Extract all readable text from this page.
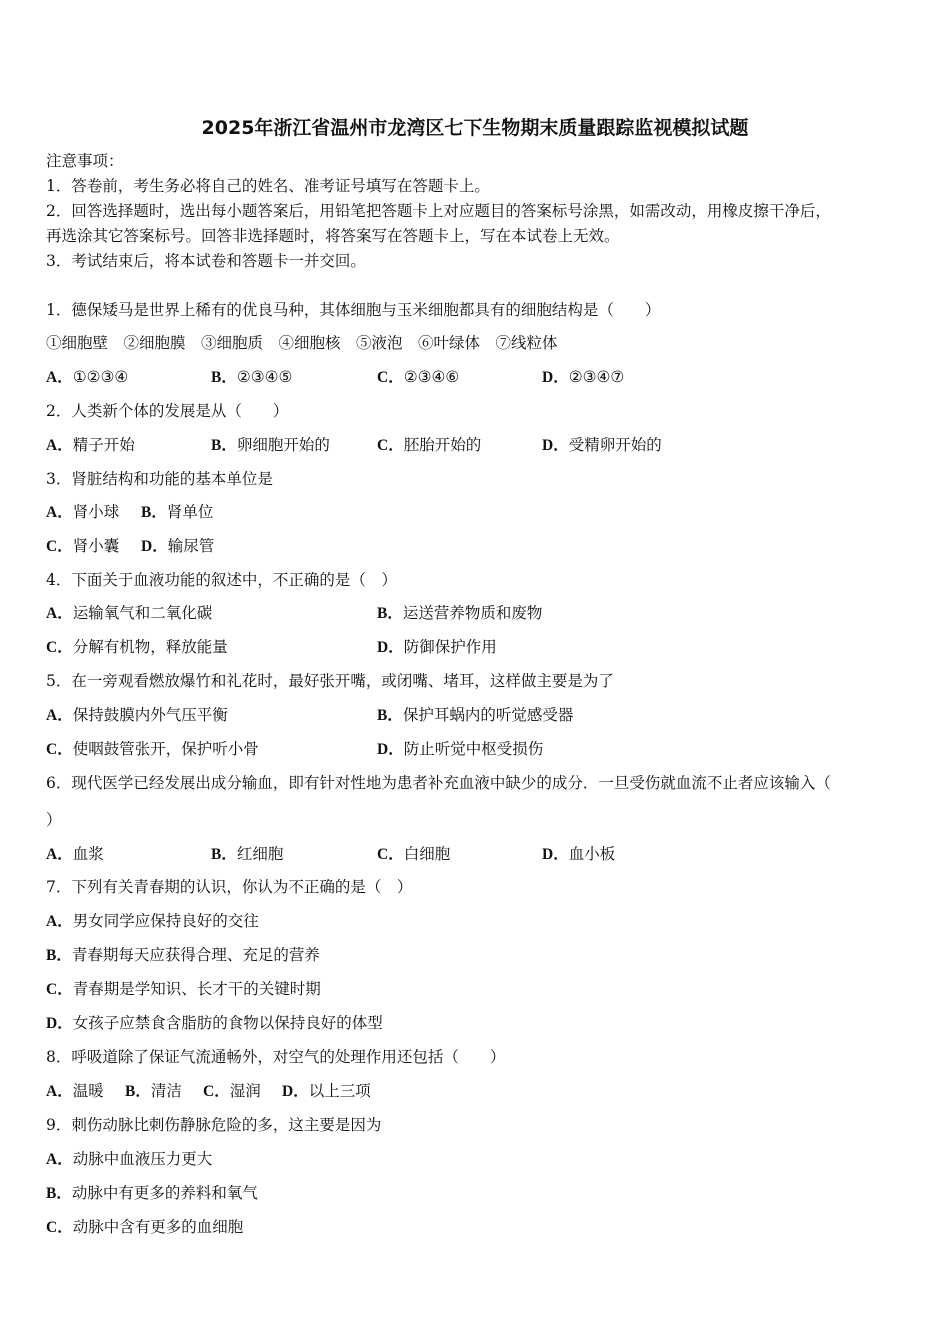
2025年浙江省温州市龙湾区七下生物期末质量跟踪监视模拟试题
注意事项：
1．答卷前，考生务必将自己的姓名、准考证号填写在答题卡上。
2．回答选择题时，选出每小题答案后，用铅笔把答题卡上对应题目的答案标号涂黑，如需改动，用橡皮擦干净后，
再选涂其它答案标号。回答非选择题时，将答案写在答题卡上，写在本试卷上无效。
3．考试结束后，将本试卷和答题卡一并交回。
1．德保矮马是世界上稀有的优良马种，其体细胞与玉米细胞都具有的细胞结构是（　　）
①细胞壁　②细胞膜　③细胞质　④细胞核　⑤液泡　⑥叶绿体　⑦线粒体
A．①②③④	B．②③④⑤	C．②③④⑥	D．②③④⑦
2．人类新个体的发展是从（　　）
A．精子开始	B．卵细胞开始的	C．胚胎开始的	D．受精卵开始的
3．肾脏结构和功能的基本单位是
A．肾小球 B．肾单位
C．肾小囊 D．输尿管
4．下面关于血液功能的叙述中，不正确的是（　）
A．运输氧气和二氧化碳	B．运送营养物质和废物
C．分解有机物，释放能量	D．防御保护作用
5．在一旁观看燃放爆竹和礼花时，最好张开嘴，或闭嘴、堵耳，这样做主要是为了
A．保持鼓膜内外气压平衡	B．保护耳蜗内的听觉感受器
C．使咽鼓管张开，保护听小骨	D．防止听觉中枢受损伤
6．现代医学已经发展出成分输血，即有针对性地为患者补充血液中缺少的成分．一旦受伤就血流不止者应该输入（
）
A．血浆	B．红细胞	C．白细胞	D．血小板
7．下列有关青春期的认识，你认为不正确的是（　）
A．男女同学应保持良好的交往
B．青春期每天应获得合理、充足的营养
C．青春期是学知识、长才干的关键时期
D．女孩子应禁食含脂肪的食物以保持良好的体型
8．呼吸道除了保证气流通畅外，对空气的处理作用还包括（　　）
A．温暖 B．清洁 C．湿润 D．以上三项
9．刺伤动脉比刺伤静脉危险的多，这主要是因为
A．动脉中血液压力更大
B．动脉中有更多的养料和氧气
C．动脉中含有更多的血细胞
